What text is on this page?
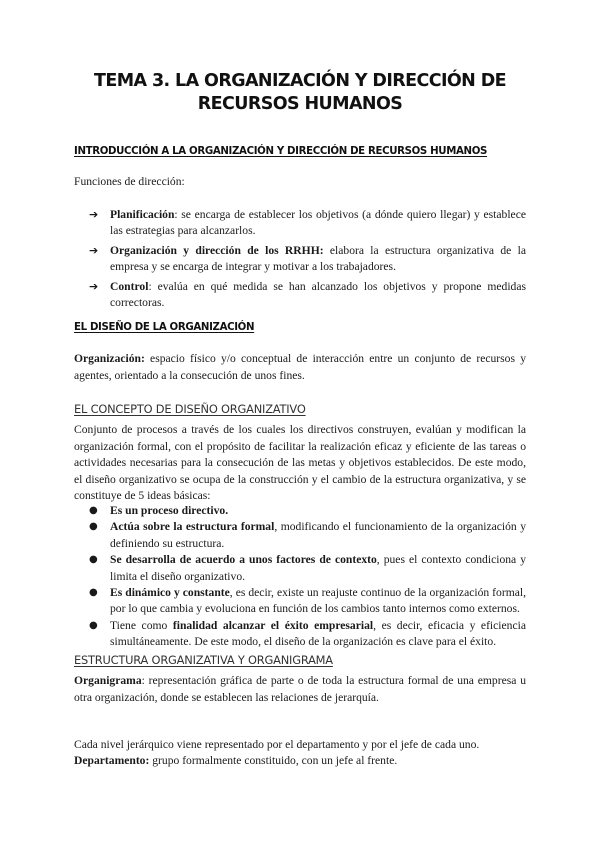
TEMA 3. LA ORGANIZACIÓN Y DIRECCIÓN DE RECURSOS HUMANOS
INTRODUCCIÓN A LA ORGANIZACIÓN Y DIRECCIÓN DE RECURSOS HUMANOS
Funciones de dirección:
➔ Planificación: se encarga de establecer los objetivos (a dónde quiero llegar) y establece las estrategias para alcanzarlos.
➔ Organización y dirección de los RRHH: elabora la estructura organizativa de la empresa y se encarga de integrar y motivar a los trabajadores.
➔ Control: evalúa en qué medida se han alcanzado los objetivos y propone medidas correctoras.
EL DISEÑO DE LA ORGANIZACIÓN
Organización: espacio físico y/o conceptual de interacción entre un conjunto de recursos y agentes, orientado a la consecución de unos fines.
EL CONCEPTO DE DISEÑO ORGANIZATIVO
Conjunto de procesos a través de los cuales los directivos construyen, evalúan y modifican la organización formal, con el propósito de facilitar la realización eficaz y eficiente de las tareas o actividades necesarias para la consecución de las metas y objetivos establecidos. De este modo, el diseño organizativo se ocupa de la construcción y el cambio de la estructura organizativa, y se constituye de 5 ideas básicas:
● Es un proceso directivo.
● Actúa sobre la estructura formal, modificando el funcionamiento de la organización y definiendo su estructura.
● Se desarrolla de acuerdo a unos factores de contexto, pues el contexto condiciona y limita el diseño organizativo.
● Es dinámico y constante, es decir, existe un reajuste continuo de la organización formal, por lo que cambia y evoluciona en función de los cambios tanto internos como externos.
● Tiene como finalidad alcanzar el éxito empresarial, es decir, eficacia y eficiencia simultáneamente. De este modo, el diseño de la organización es clave para el éxito.
ESTRUCTURA ORGANIZATIVA Y ORGANIGRAMA
Organigrama: representación gráfica de parte o de toda la estructura formal de una empresa u otra organización, donde se establecen las relaciones de jerarquía.
Cada nivel jerárquico viene representado por el departamento y por el jefe de cada uno.
Departamento: grupo formalmente constituido, con un jefe al frente.
